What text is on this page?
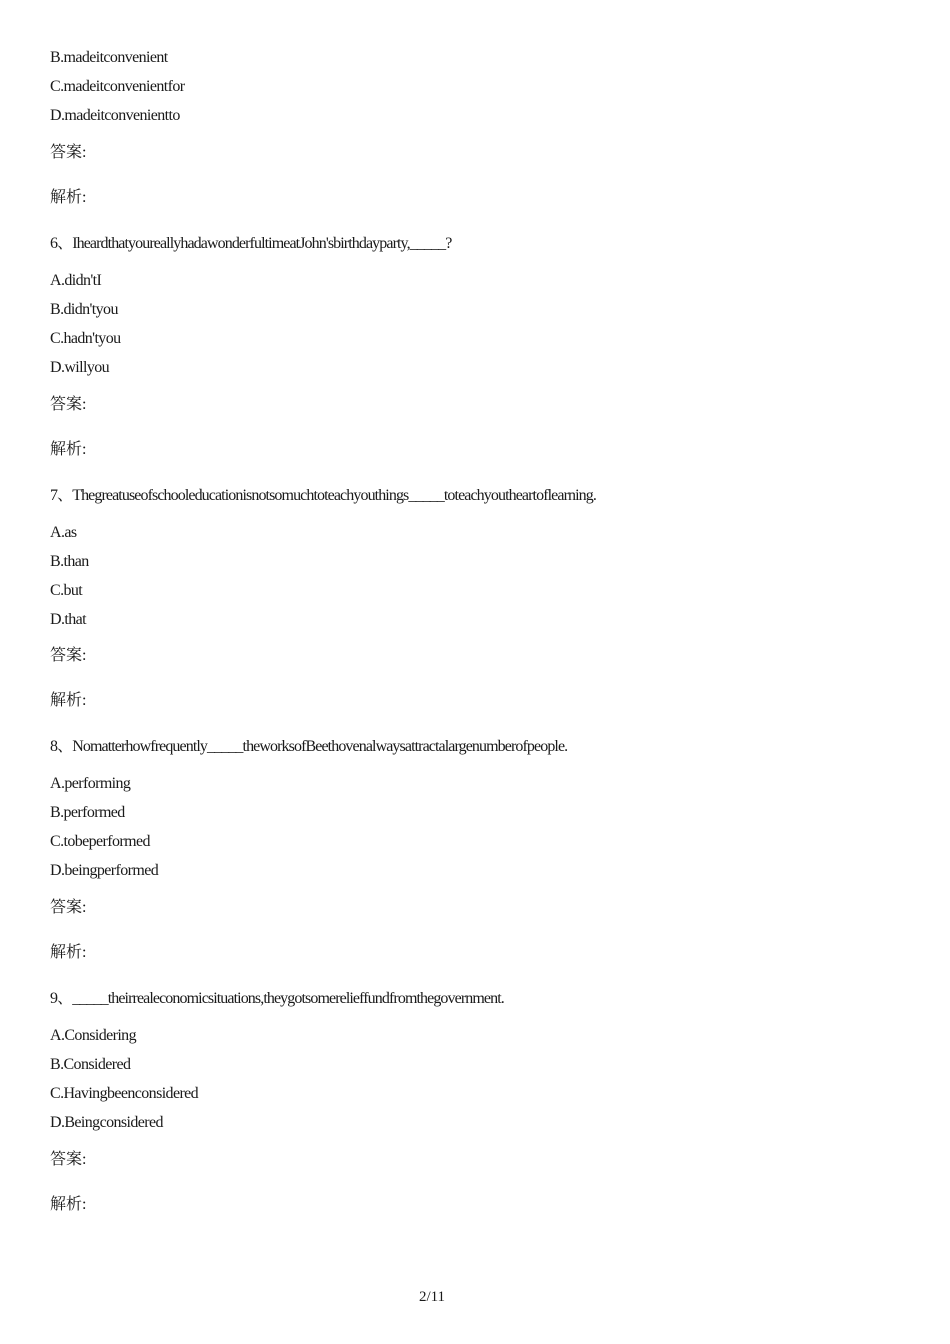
B.madeitconvenient
C.madeitconvenientfor
D.madeitconvenientto
答案:
解析:
6、IheardthatyoureallyhadawonderfultimeatJohn'sbirthdayparty,_____?
A.didn'tI
B.didn'tyou
C.hadn'tyou
D.willyou
答案:
解析:
7、Thegreatuseofschooleducationisnotsomuchtoteachyouthings_____toteachyoutheartoflearning.
A.as
B.than
C.but
D.that
答案:
解析:
8、Nomatterhowfrequently_____theworksofBeethovenalwaysattractalargenumberofpeople.
A.performing
B.performed
C.tobeperformed
D.beingperformed
答案:
解析:
9、_____theirrealeconomicsituations,theygotsomerelieffundfromthegovernment.
A.Considering
B.Considered
C.Havingbeenconsidered
D.Beingconsidered
答案:
解析:
2/11
